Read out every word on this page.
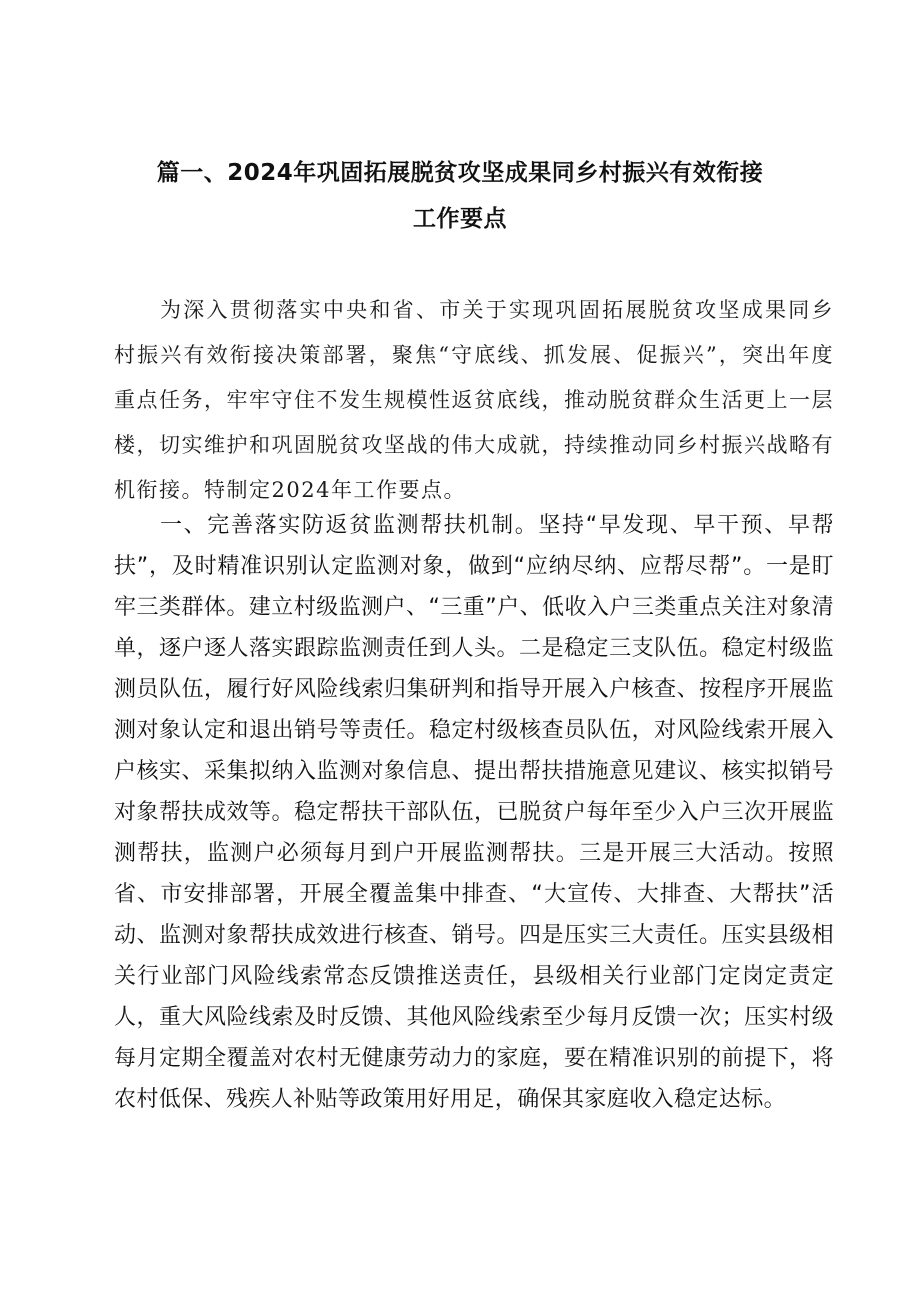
篇一、2024年巩固拓展脱贫攻坚成果同乡村振兴有效衔接
工作要点

为深入贯彻落实中央和省、市关于实现巩固拓展脱贫攻坚成果同乡村振兴有效衔接决策部署，聚焦“守底线、抓发展、促振兴”，突出年度重点任务，牢牢守住不发生规模性返贫底线，推动脱贫群众生活更上一层楼，切实维护和巩固脱贫攻坚战的伟大成就，持续推动同乡村振兴战略有机衔接。特制定2024年工作要点。

一、完善落实防返贫监测帮扶机制。坚持“早发现、早干预、早帮扶”，及时精准识别认定监测对象，做到“应纳尽纳、应帮尽帮”。一是盯牢三类群体。建立村级监测户、“三重”户、低收入户三类重点关注对象清单，逐户逐人落实跟踪监测责任到人头。二是稳定三支队伍。稳定村级监测员队伍，履行好风险线索归集研判和指导开展入户核查、按程序开展监测对象认定和退出销号等责任。稳定村级核查员队伍，对风险线索开展入户核实、采集拟纳入监测对象信息、提出帮扶措施意见建议、核实拟销号对象帮扶成效等。稳定帮扶干部队伍，已脱贫户每年至少入户三次开展监测帮扶，监测户必须每月到户开展监测帮扶。三是开展三大活动。按照省、市安排部署，开展全覆盖集中排查、“大宣传、大排查、大帮扶”活动、监测对象帮扶成效进行核查、销号。四是压实三大责任。压实县级相关行业部门风险线索常态反馈推送责任，县级相关行业部门定岗定责定人，重大风险线索及时反馈、其他风险线索至少每月反馈一次；压实村级每月定期全覆盖对农村无健康劳动力的家庭，要在精准识别的前提下，将农村低保、残疾人补贴等政策用好用足，确保其家庭收入稳定达标。
